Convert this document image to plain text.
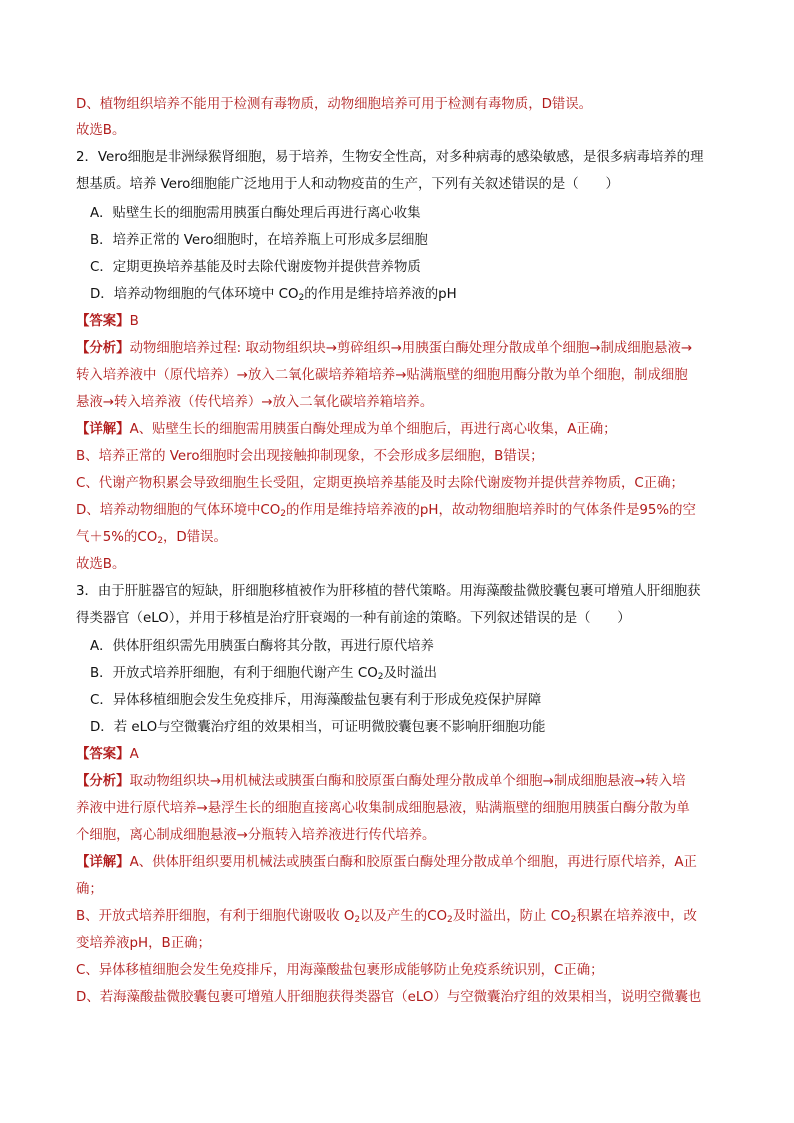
D、植物组织培养不能用于检测有毒物质，动物细胞培养可用于检测有毒物质，D错误。
故选B。
2．Vero细胞是非洲绿猴肾细胞，易于培养，生物安全性高，对多种病毒的感染敏感，是很多病毒培养的理
想基质。培养 Vero细胞能广泛地用于人和动物疫苗的生产，下列有关叙述错误的是（　　）
A．贴壁生长的细胞需用胰蛋白酶处理后再进行离心收集
B．培养正常的 Vero细胞时，在培养瓶上可形成多层细胞
C．定期更换培养基能及时去除代谢废物并提供营养物质
D．培养动物细胞的气体环境中 $CO_2$的作用是维持培养液的pH
【答案】B
【分析】动物细胞培养过程: 取动物组织块→剪碎组织→用胰蛋白酶处理分散成单个细胞→制成细胞悬液→
转入培养液中（原代培养）→放入二氧化碳培养箱培养→贴满瓶壁的细胞用酶分散为单个细胞，制成细胞
悬液→转入培养液（传代培养）→放入二氧化碳培养箱培养。
【详解】A、贴壁生长的细胞需用胰蛋白酶处理成为单个细胞后，再进行离心收集，A正确；
B、培养正常的 Vero细胞时会出现接触抑制现象，不会形成多层细胞，B错误；
C、代谢产物积累会导致细胞生长受阻，定期更换培养基能及时去除代谢废物并提供营养物质，C正确；
D、培养动物细胞的气体环境中$CO_2$的作用是维持培养液的pH，故动物细胞培养时的气体条件是95%的空
气＋5%的$CO_2$，D错误。
故选B。
3．由于肝脏器官的短缺，肝细胞移植被作为肝移植的替代策略。用海藻酸盐微胶囊包裹可增殖人肝细胞获
得类器官（eLO），并用于移植是治疗肝衰竭的一种有前途的策略。下列叙述错误的是（　　）
A．供体肝组织需先用胰蛋白酶将其分散，再进行原代培养
B．开放式培养肝细胞，有利于细胞代谢产生 $CO_2$及时溢出
C．异体移植细胞会发生免疫排斥，用海藻酸盐包裹有利于形成免疫保护屏障
D．若 eLO与空微囊治疗组的效果相当，可证明微胶囊包裹不影响肝细胞功能
【答案】A
【分析】取动物组织块→用机械法或胰蛋白酶和胶原蛋白酶处理分散成单个细胞→制成细胞悬液→转入培
养液中进行原代培养→悬浮生长的细胞直接离心收集制成细胞悬液，贴满瓶壁的细胞用胰蛋白酶分散为单
个细胞，离心制成细胞悬液→分瓶转入培养液进行传代培养。
【详解】A、供体肝组织要用机械法或胰蛋白酶和胶原蛋白酶处理分散成单个细胞，再进行原代培养，A正
确；
B、开放式培养肝细胞，有利于细胞代谢吸收 $O_2$以及产生的$CO_2$及时溢出，防止 $CO_2$积累在培养液中，改
变培养液pH，B正确；
C、异体移植细胞会发生免疫排斥，用海藻酸盐包裹形成能够防止免疫系统识别，C正确；
D、若海藻酸盐微胶囊包裹可增殖人肝细胞获得类器官（eLO）与空微囊治疗组的效果相当，说明空微囊也
